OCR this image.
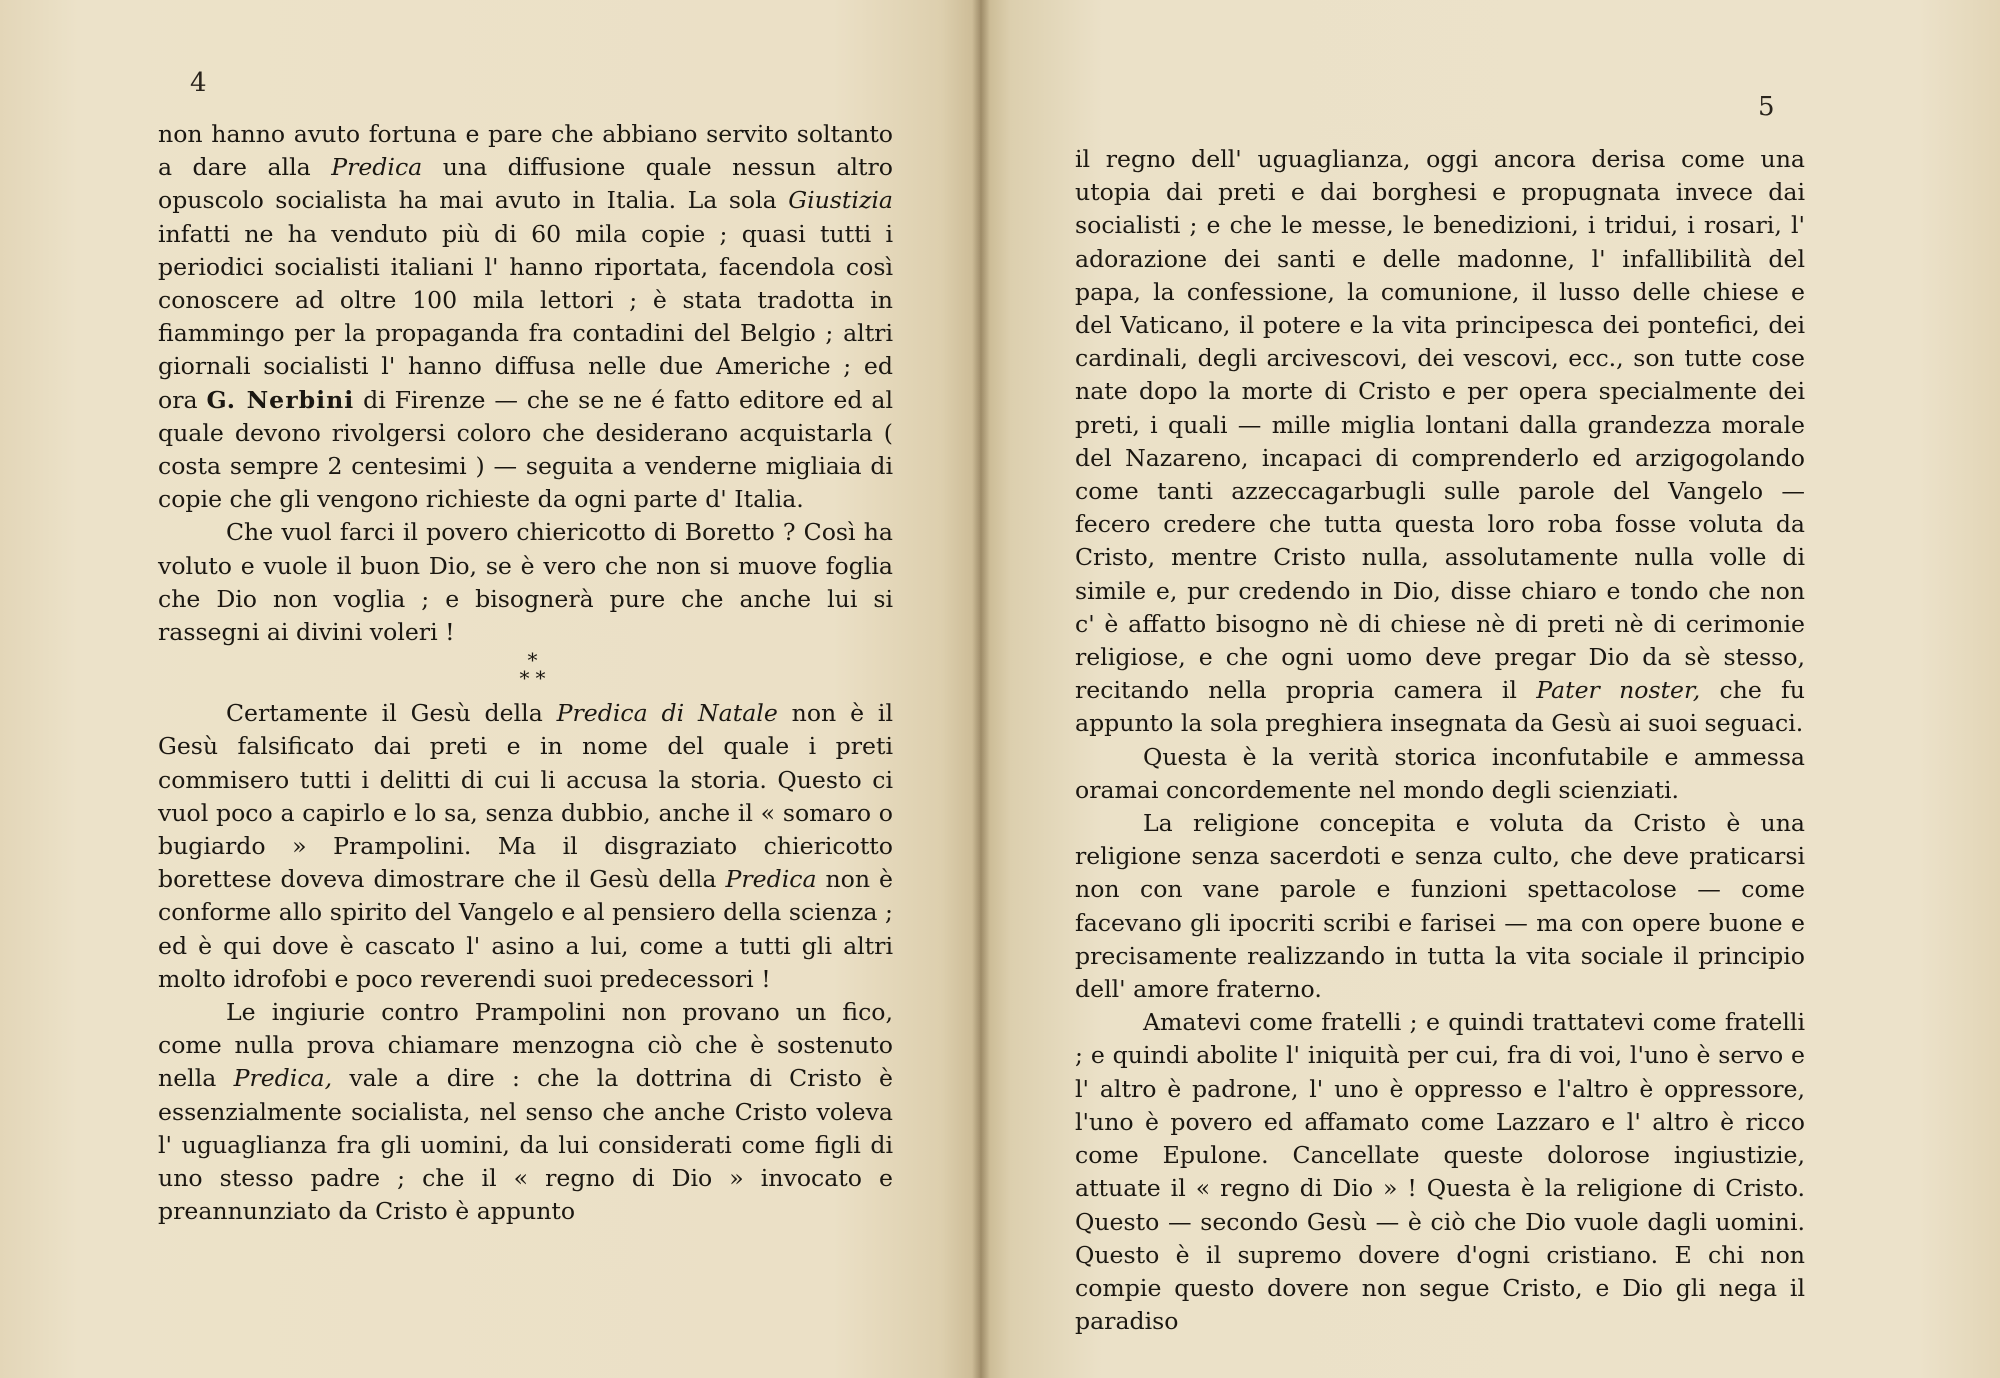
4

non hanno avuto fortuna e pare che abbiano servito soltanto a dare alla Predica una diffusione quale nessun altro opuscolo socialista ha mai avuto in Italia. La sola Giustizia infatti ne ha venduto più di 60 mila copie ; quasi tutti i periodici socialisti italiani l' hanno riportata, facendola così conoscere ad oltre 100 mila lettori ; è stata tradotta in fiammingo per la propaganda fra contadini del Belgio ; altri giornali socialisti l' hanno diffusa nelle due Americhe ; ed ora G. Nerbini di Firenze — che se ne é fatto editore ed al quale devono rivolgersi coloro che desiderano acquistarla ( costa sempre 2 centesimi ) — seguita a venderne migliaia di copie che gli vengono richieste da ogni parte d' Italia.

Che vuol farci il povero chiericotto di Boretto ? Così ha voluto e vuole il buon Dio, se è vero che non si muove foglia che Dio non voglia ; e bisognerà pure che anche lui si rassegni ai divini voleri !

*
**

Certamente il Gesù della Predica di Natale non è il Gesù falsificato dai preti e in nome del quale i preti commisero tutti i delitti di cui li accusa la storia. Questo ci vuol poco a capirlo e lo sa, senza dubbio, anche il « somaro o bugiardo » Prampolini. Ma il disgraziato chiericotto borettese doveva dimostrare che il Gesù della Predica non è conforme allo spirito del Vangelo e al pensiero della scienza ; ed è qui dove è cascato l' asino a lui, come a tutti gli altri molto idrofobi e poco reverendi suoi predecessori !

Le ingiurie contro Prampolini non provano un fico, come nulla prova chiamare menzogna ciò che è sostenuto nella Predica, vale a dire : che la dottrina di Cristo è essenzialmente socialista, nel senso che anche Cristo voleva l' uguaglianza fra gli uomini, da lui considerati come figli di uno stesso padre ; che il « regno di Dio » invocato e preannunziato da Cristo è appunto

5

il regno dell' uguaglianza, oggi ancora derisa come una utopia dai preti e dai borghesi e propugnata invece dai socialisti ; e che le messe, le benedizioni, i tridui, i rosari, l' adorazione dei santi e delle madonne, l' infallibilità del papa, la confessione, la comunione, il lusso delle chiese e del Vaticano, il potere e la vita principesca dei pontefici, dei cardinali, degli arcivescovi, dei vescovi, ecc., son tutte cose nate dopo la morte di Cristo e per opera specialmente dei preti, i quali — mille miglia lontani dalla grandezza morale del Nazareno, incapaci di comprenderlo ed arzigogolando come tanti azzeccagarbugli sulle parole del Vangelo — fecero credere che tutta questa loro roba fosse voluta da Cristo, mentre Cristo nulla, assolutamente nulla volle di simile e, pur credendo in Dio, disse chiaro e tondo che non c' è affatto bisogno nè di chiese nè di preti nè di cerimonie religiose, e che ogni uomo deve pregar Dio da sè stesso, recitando nella propria camera il Pater noster, che fu appunto la sola preghiera insegnata da Gesù ai suoi seguaci.

Questa è la verità storica inconfutabile e ammessa oramai concordemente nel mondo degli scienziati.

La religione concepita e voluta da Cristo è una religione senza sacerdoti e senza culto, che deve praticarsi non con vane parole e funzioni spettacolose — come facevano gli ipocriti scribi e farisei — ma con opere buone e precisamente realizzando in tutta la vita sociale il principio dell' amore fraterno.

Amatevi come fratelli ; e quindi trattatevi come fratelli ; e quindi abolite l' iniquità per cui, fra di voi, l'uno è servo e l' altro è padrone, l' uno è oppresso e l'altro è oppressore, l'uno è povero ed affamato come Lazzaro e l' altro è ricco come Epulone. Cancellate queste dolorose ingiustizie, attuate il « regno di Dio » ! Questa è la religione di Cristo. Questo — secondo Gesù — è ciò che Dio vuole dagli uomini. Questo è il supremo dovere d'ogni cristiano. E chi non compie questo dovere non segue Cristo, e Dio gli nega il paradiso
